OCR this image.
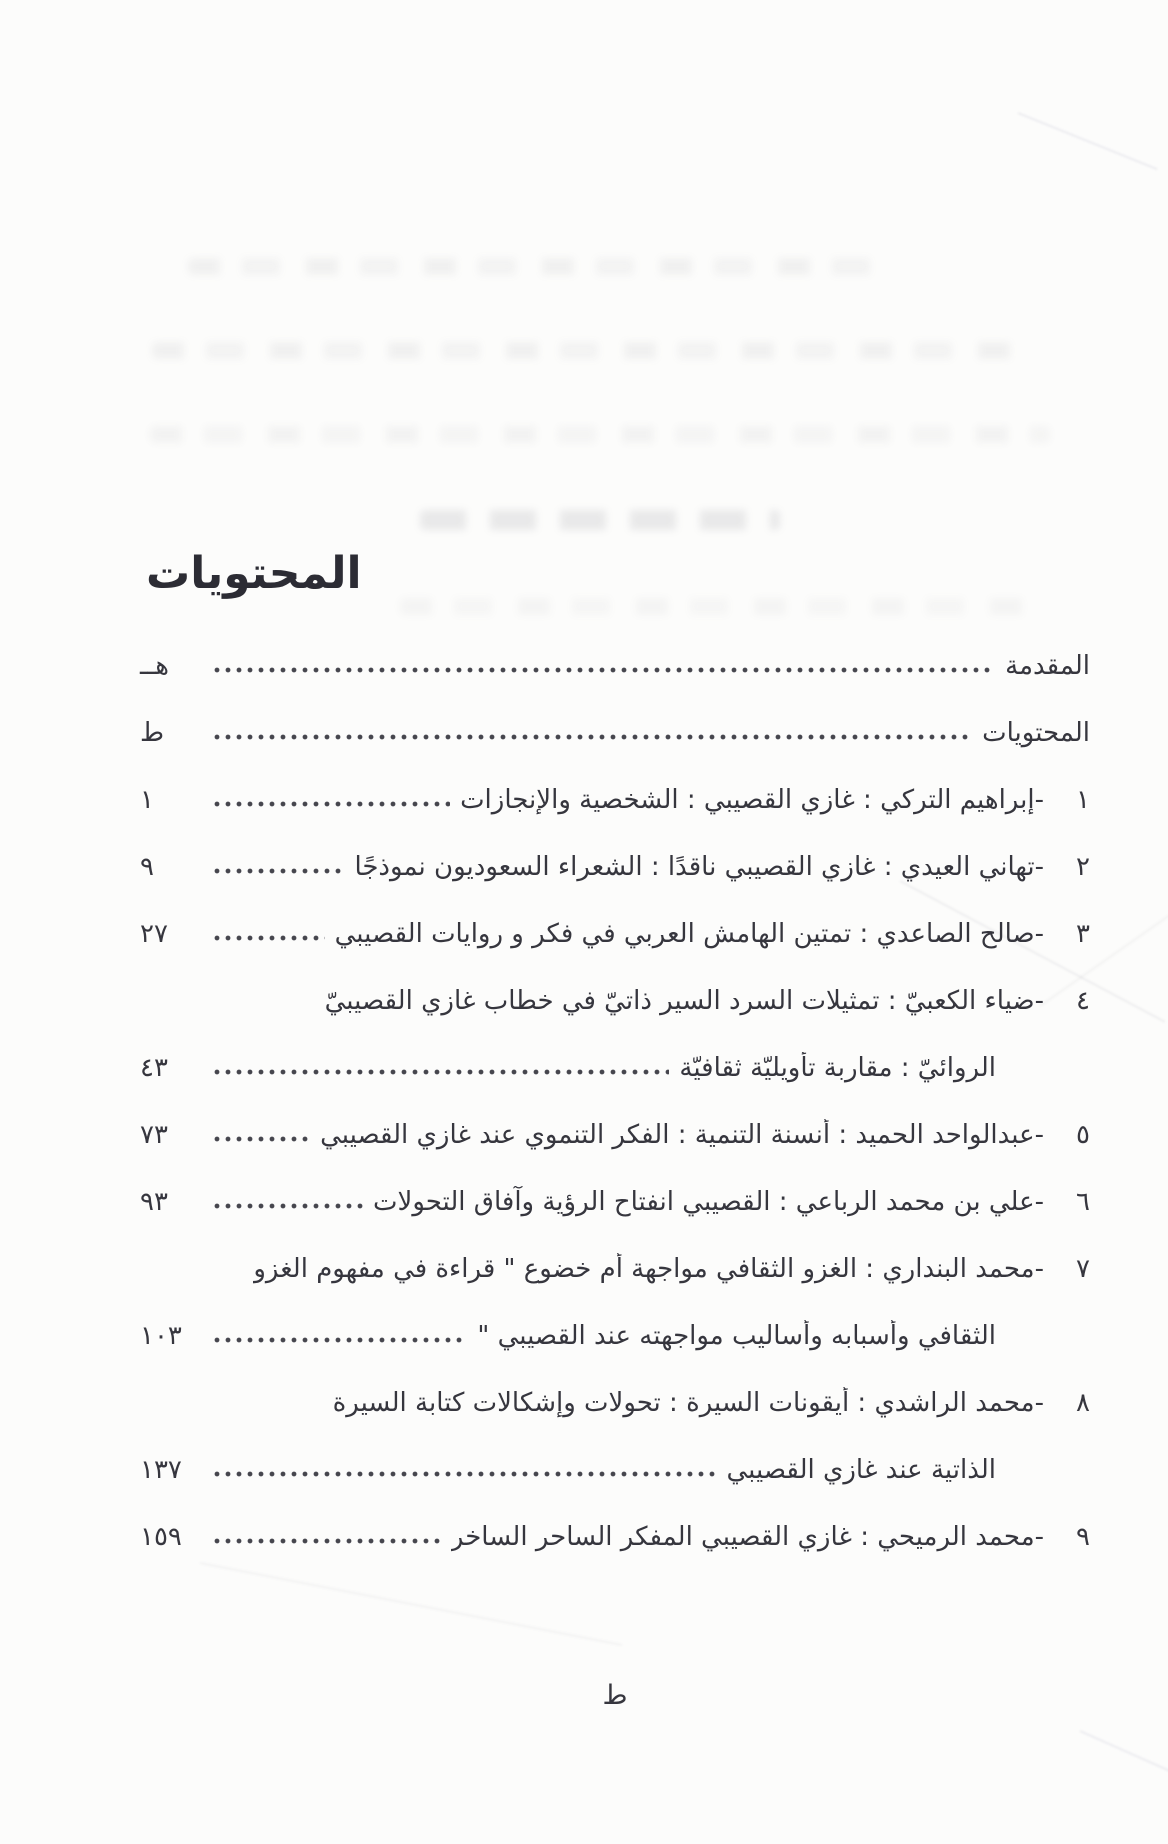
المحتويات
المقدمة
هــ
المحتويات
ط
١
-إبراهيم التركي : غازي القصيبي : الشخصية والإنجازات
١
٢
-تهاني العيدي : غازي القصيبي ناقدًا : الشعراء السعوديون نموذجًا
٩
٣
-صالح الصاعدي : تمتين الهامش العربي في فكر و روايات القصيبي
٢٧
٤
-ضياء الكعبيّ : تمثيلات السرد السير ذاتيّ في خطاب غازي القصيبيّ
الروائيّ : مقاربة تأويليّة ثقافيّة
٤٣
٥
-عبدالواحد الحميد : أنسنة التنمية : الفكر التنموي عند غازي القصيبي
٧٣
٦
-علي بن محمد الرباعي : القصيبي انفتاح الرؤية وآفاق التحولات
٩٣
٧
-محمد البنداري : الغزو الثقافي مواجهة أم خضوع " قراءة في مفهوم الغزو
الثقافي وأسبابه وأساليب مواجهته عند القصيبي "
١٠٣
٨
-محمد الراشدي : أيقونات السيرة : تحولات وإشكالات كتابة السيرة
الذاتية عند غازي القصيبي
١٣٧
٩
-محمد الرميحي : غازي القصيبي المفكر الساحر الساخر
١٥٩
ط
